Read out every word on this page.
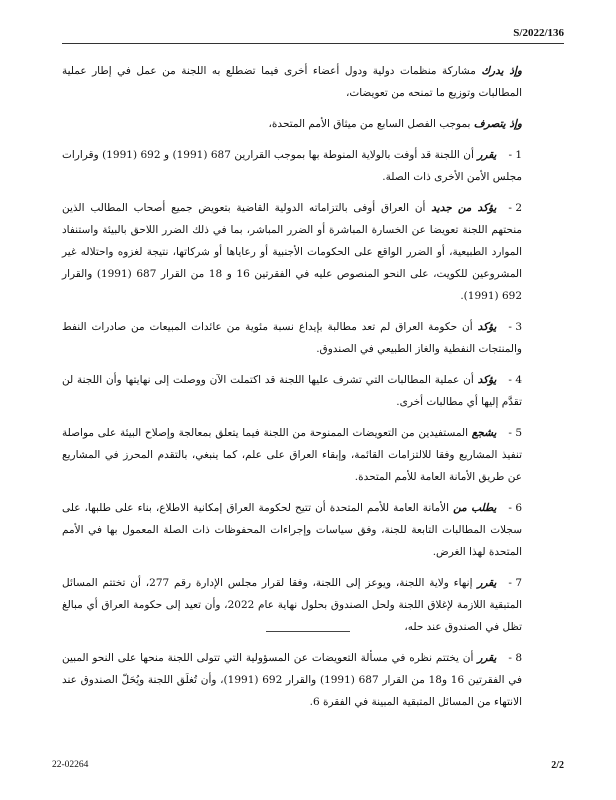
S/2022/136

وإذ يدرك مشاركة منظمات دولية ودول أعضاء أخرى فيما تضطلع به اللجنة من عمل في إطار عملية المطالبات وتوزيع ما تمنحه من تعويضات،

وإذ يتصرف بموجب الفصل السابع من ميثاق الأمم المتحدة،

1 -يقرر أن اللجنة قد أوفت بالولاية المنوطة بها بموجب القرارين 687 (1991) و 692 (1991) وقرارات مجلس الأمن الأخرى ذات الصلة.

2 -يؤكد من جديد أن العراق أوفى بالتزاماته الدولية القاضية بتعويض جميع أصحاب المطالب الذين منحتهم اللجنة تعويضا عن الخسارة المباشرة أو الضرر المباشر، بما في ذلك الضرر اللاحق بالبيئة واستنفاد الموارد الطبيعية، أو الضرر الواقع على الحكومات الأجنبية أو رعاياها أو شركاتها، نتيجة لغزوه واحتلاله غير المشروعين للكويت، على النحو المنصوص عليه في الفقرتين 16 و 18 من القرار 687 (1991) والقرار 692 (1991).

3 -يؤكد أن حكومة العراق لم تعد مطالبة بإيداع نسبة مئوية من عائدات المبيعات من صادرات النفط والمنتجات النفطية والغاز الطبيعي في الصندوق.

4 -يؤكد أن عملية المطالبات التي تشرف عليها اللجنة قد اكتملت الآن ووصلت إلى نهايتها وأن اللجنة لن تقدَّم إليها أي مطالبات أخرى.

5 -يشجع المستفيدين من التعويضات الممنوحة من اللجنة فيما يتعلق بمعالجة وإصلاح البيئة على مواصلة تنفيذ المشاريع وفقا للالتزامات القائمة، وإبقاء العراق على علم، كما ينبغي، بالتقدم المحرز في المشاريع عن طريق الأمانة العامة للأمم المتحدة.

6 -يطلب من الأمانة العامة للأمم المتحدة أن تتيح لحكومة العراق إمكانية الاطلاع، بناء على طلبها، على سجلات المطالبات التابعة للجنة، وفق سياسات وإجراءات المحفوظات ذات الصلة المعمول بها في الأمم المتحدة لهذا الغرض.

7 -يقرر إنهاء ولاية اللجنة، ويوعز إلى اللجنة، وفقا لقرار مجلس الإدارة رقم 277، أن تختتم المسائل المتبقية اللازمة لإغلاق اللجنة ولحل الصندوق بحلول نهاية عام 2022، وأن تعيد إلى حكومة العراق أي مبالغ تظل في الصندوق عند حله،

8 -يقرر أن يختتم نظره في مسألة التعويضات عن المسؤولية التي تتولى اللجنة منحها على النحو المبين في الفقرتين 16 و18 من القرار 687 (1991) والقرار 692 (1991)، وأن تُغلَق اللجنة ويُحَلّ الصندوق عند الانتهاء من المسائل المتبقية المبينة في الفقرة 6.

22-02264	2/2
